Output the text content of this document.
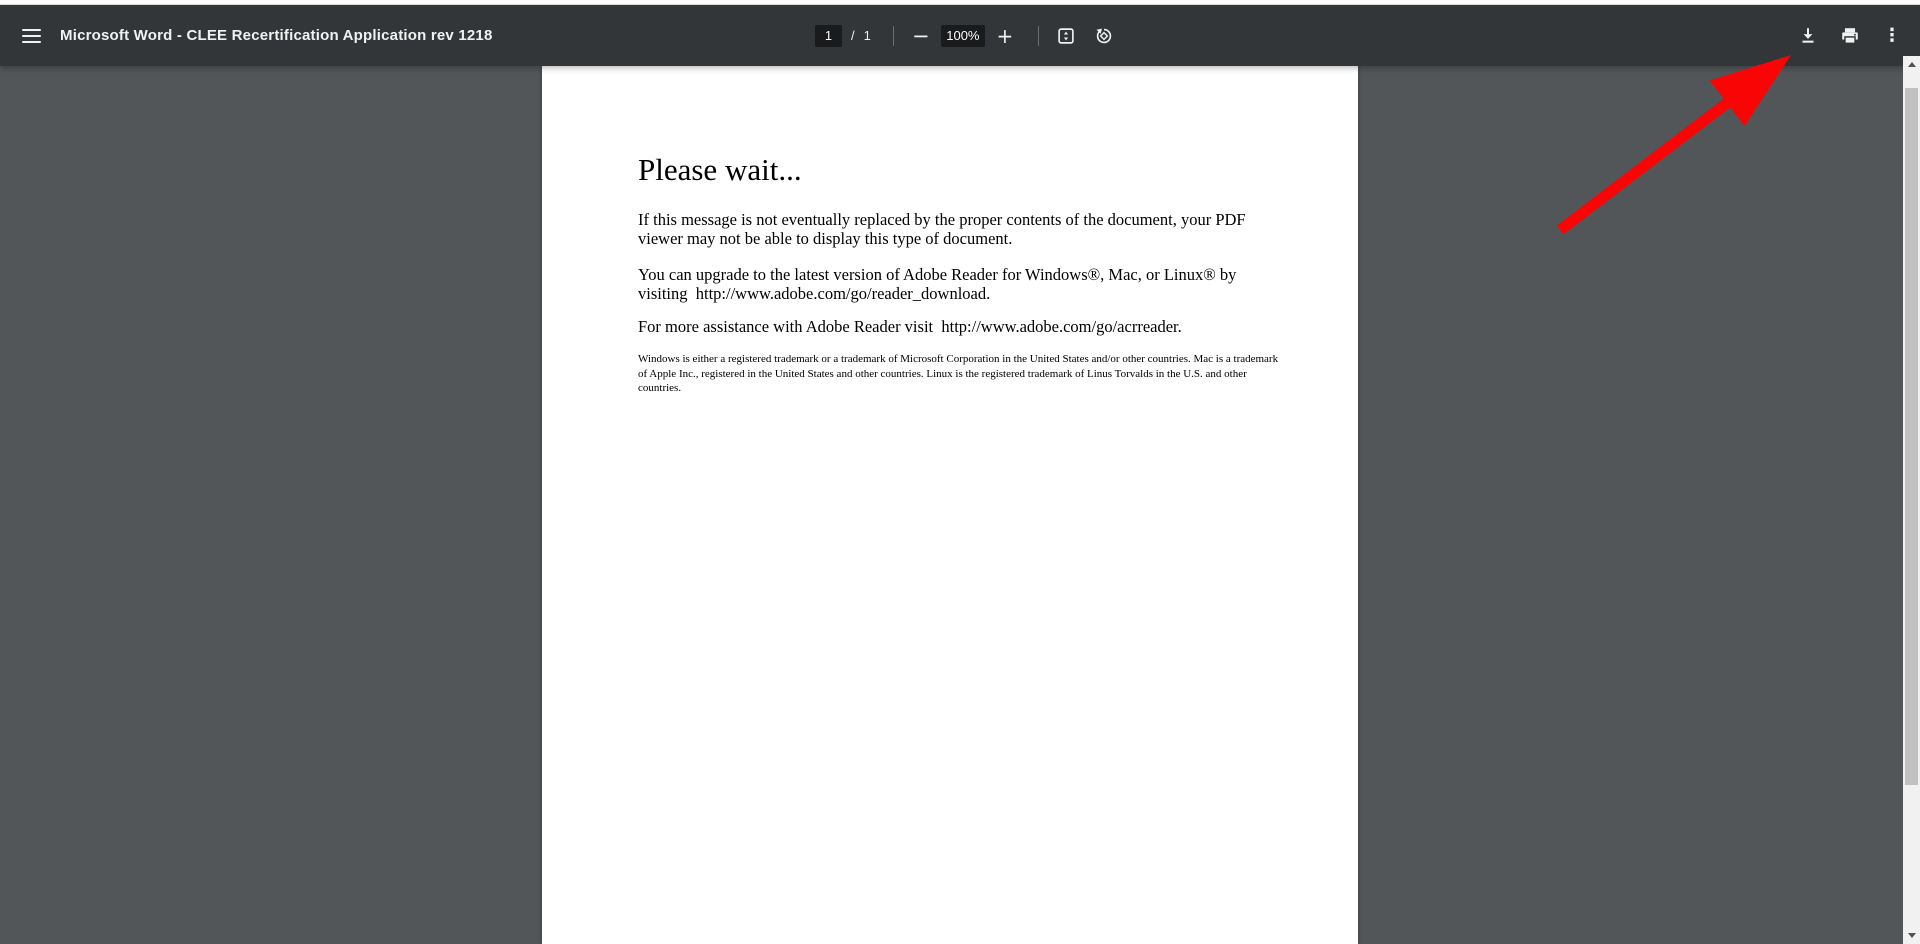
Microsoft Word - CLEE Recertification Application rev 1218
1	/ 1 −
100%	+	⋮
Please wait...
If this message is not eventually replaced by the proper contents of the document, your PDF
viewer may not be able to display this type of document.
You can upgrade to the latest version of Adobe Reader for Windows®, Mac, or Linux® by
visiting  http://www.adobe.com/go/reader_download.
For more assistance with Adobe Reader visit  http://www.adobe.com/go/acrreader.
Windows is either a registered trademark or a trademark of Microsoft Corporation in the United States and/or other countries. Mac is a trademark
of Apple Inc., registered in the United States and other countries. Linux is the registered trademark of Linus Torvalds in the U.S. and other
countries.
